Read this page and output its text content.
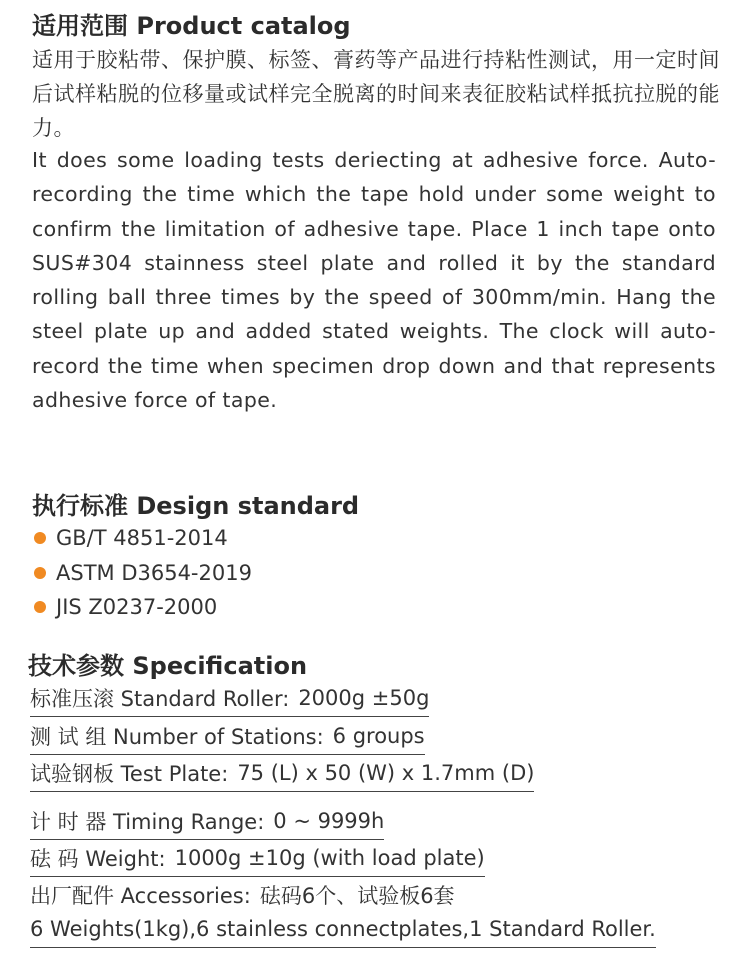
适用范围 Product catalog
适用于胶粘带、保护膜、标签、膏药等产品进行持粘性测试，用一定时间后试样粘脱的位移量或试样完全脱离的时间来表征胶粘试样抵抗拉脱的能力。
It does some loading tests deriecting at adhesive force. Auto-recording the time which the tape hold under some weight to confirm the limitation of adhesive tape. Place 1 inch tape onto SUS#304 stainness steel plate and rolled it by the standard rolling ball three times by the speed of 300mm/min. Hang the steel plate up and added stated weights. The clock will auto-record the time when specimen drop down and that represents adhesive force of tape.
执行标准 Design standard
GB/T 4851-2014
ASTM D3654-2019
JIS Z0237-2000
技术参数 Specification
标准压滚 Standard Roller: 2000g ±50g
测 试 组 Number of Stations: 6 groups
试验钢板 Test Plate: 75 (L) x 50 (W) x 1.7mm (D)
计 时 器 Timing Range: 0 ~ 9999h
砝 码 Weight: 1000g ±10g (with load plate)
出厂配件 Accessories: 砝码6个、试验板6套
6 Weights(1kg),6 stainless connectplates,1 Standard Roller.
